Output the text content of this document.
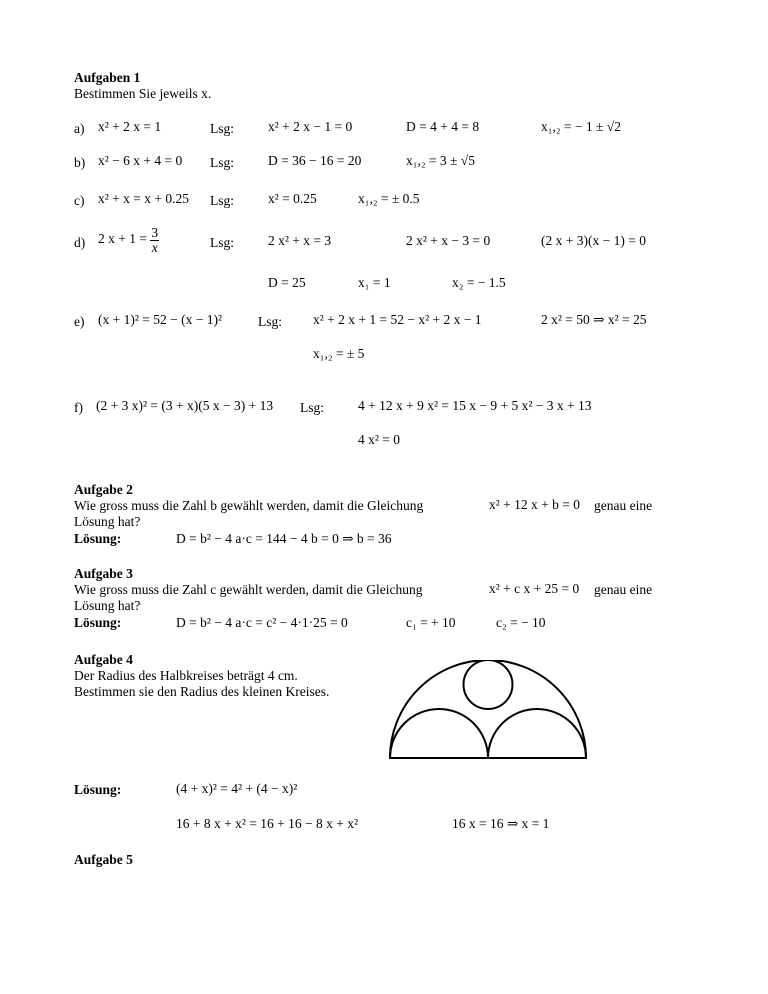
Aufgaben 1
Bestimmen Sie jeweils x.
a) x² + 2 x = 1	Lsg:	x² + 2 x − 1 = 0	D = 4 + 4 = 8	x₁,₂ = − 1 ± √2
b) x² − 6 x + 4 = 0 Lsg:	D = 36 − 16 = 20	x₁,₂ = 3 ± √5
c) x² + x = x + 0.25 Lsg:	x² = 0.25	x₁,₂ = ± 0.5
d) 2 $x + 1 = \frac{3}{x}$	Lsg:	2 x² + x = 3	2 x² + x − 3 = 0	(2 x + 3)(x − 1) = 0
D = 25	x₁ = 1	x₂ = − 1.5
e) (x + 1)² = 52 − (x − 1)²	Lsg: x² + 2 x + 1 = 52 − x² + 2 x − 1	2 x² = 50 ⇒ x² = 25
x₁,₂ = ± 5
f) (2 + 3 x)² = (3 + x)(5 x − 3) + 13 Lsg:	4 + 12 x + 9 x² = 15 x − 9 + 5 x² − 3 x + 13
4 x² = 0
Aufgabe 2
Wie gross muss die Zahl b gewählt werden, damit die Gleichung	x² + 12 x + b = 0 genau eine
Lösung hat?
Lösung:	D = b² − 4 a·c = 144 − 4 b = 0 ⇒ b = 36
Aufgabe 3
Wie gross muss die Zahl c gewählt werden, damit die Gleichung	x² + c x + 25 = 0 genau eine
Lösung hat?
Lösung:	D = b² − 4 a·c = c² − 4·1·25 = 0	c₁ = + 10	c₂ = − 10
Aufgabe 4
Der Radius des Halbkreises beträgt 4 cm.
Bestimmen sie den Radius des kleinen Kreises.
Lösung:	(4 + x)² = 4² + (4 − x)²
16 + 8 x + x² = 16 + 16 − 8 x + x²	16 x = 16 ⇒ x = 1
Aufgabe 5
